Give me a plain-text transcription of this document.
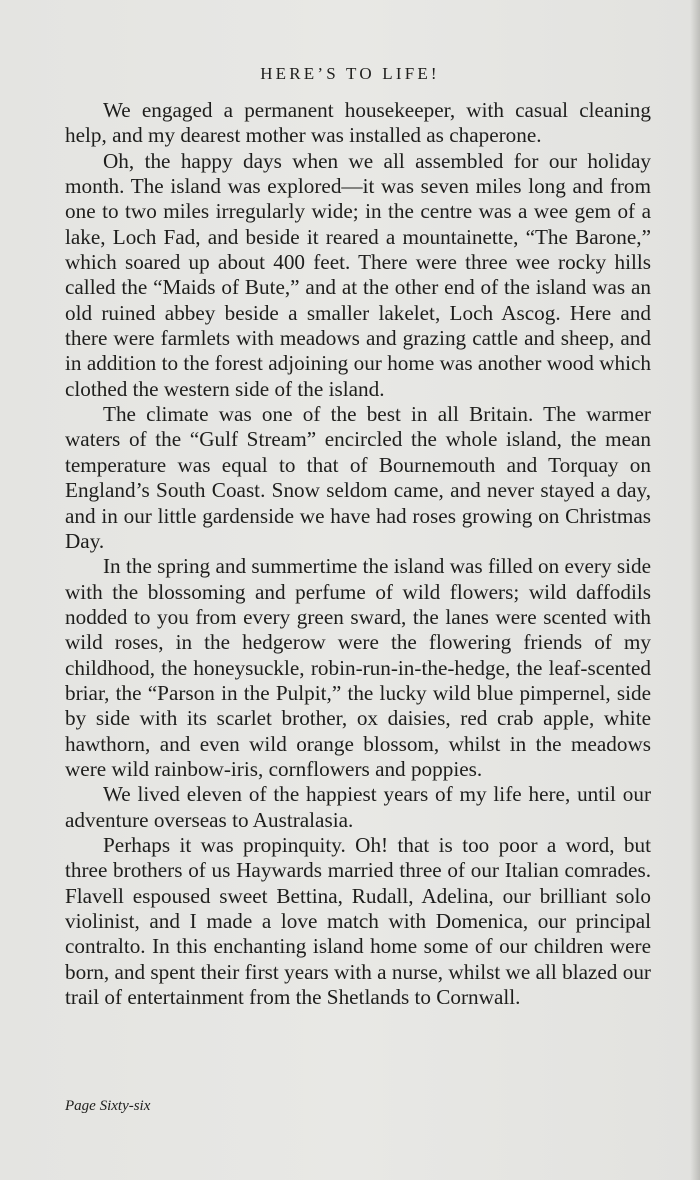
HERE’S TO LIFE!

We engaged a permanent housekeeper, with casual cleaning help, and my dearest mother was installed as chaperone.

Oh, the happy days when we all assembled for our holiday month. The island was explored—it was seven miles long and from one to two miles irregularly wide; in the centre was a wee gem of a lake, Loch Fad, and beside it reared a mountainette, “The Barone,” which soared up about 400 feet. There were three wee rocky hills called the “Maids of Bute,” and at the other end of the island was an old ruined abbey beside a smaller lakelet, Loch Ascog. Here and there were farmlets with meadows and grazing cattle and sheep, and in addition to the forest adjoining our home was another wood which clothed the western side of the island.

The climate was one of the best in all Britain. The warmer waters of the “Gulf Stream” encircled the whole island, the mean temperature was equal to that of Bournemouth and Torquay on England’s South Coast. Snow seldom came, and never stayed a day, and in our little gardenside we have had roses growing on Christmas Day.

In the spring and summertime the island was filled on every side with the blossoming and perfume of wild flowers; wild daffodils nodded to you from every green sward, the lanes were scented with wild roses, in the hedgerow were the flowering friends of my childhood, the honeysuckle, robin-run-in-the-hedge, the leaf-scented briar, the “Parson in the Pulpit,” the lucky wild blue pimpernel, side by side with its scarlet brother, ox daisies, red crab apple, white hawthorn, and even wild orange blossom, whilst in the meadows were wild rainbow-iris, cornflowers and poppies.

We lived eleven of the happiest years of my life here, until our adventure overseas to Australasia.

Perhaps it was propinquity. Oh! that is too poor a word, but three brothers of us Haywards married three of our Italian comrades. Flavell espoused sweet Bettina, Rudall, Adelina, our brilliant solo violinist, and I made a love match with Domenica, our principal contralto. In this enchanting island home some of our children were born, and spent their first years with a nurse, whilst we all blazed our trail of entertainment from the Shetlands to Cornwall.

Page Sixty-six
